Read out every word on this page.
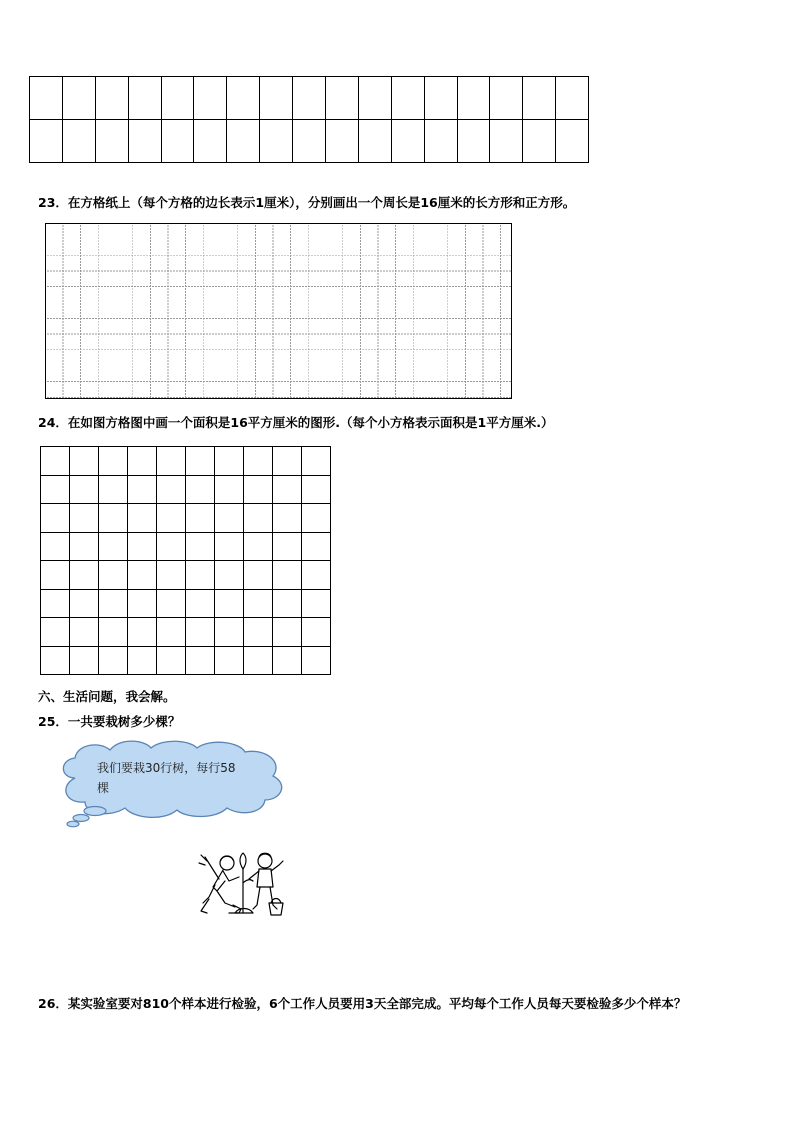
23．在方格纸上（每个方格的边长表示1厘米），分别画出一个周长是16厘米的长方形和正方形。
24．在如图方格图中画一个面积是16平方厘米的图形.（每个小方格表示面积是1平方厘米.）

六、生活问题，我会解。
25．一共要栽树多少棵？
我们要栽30行树，每行58棵
26．某实验室要对810个样本进行检验，6个工作人员要用3天全部完成。平均每个工作人员每天要检验多少个样本？
